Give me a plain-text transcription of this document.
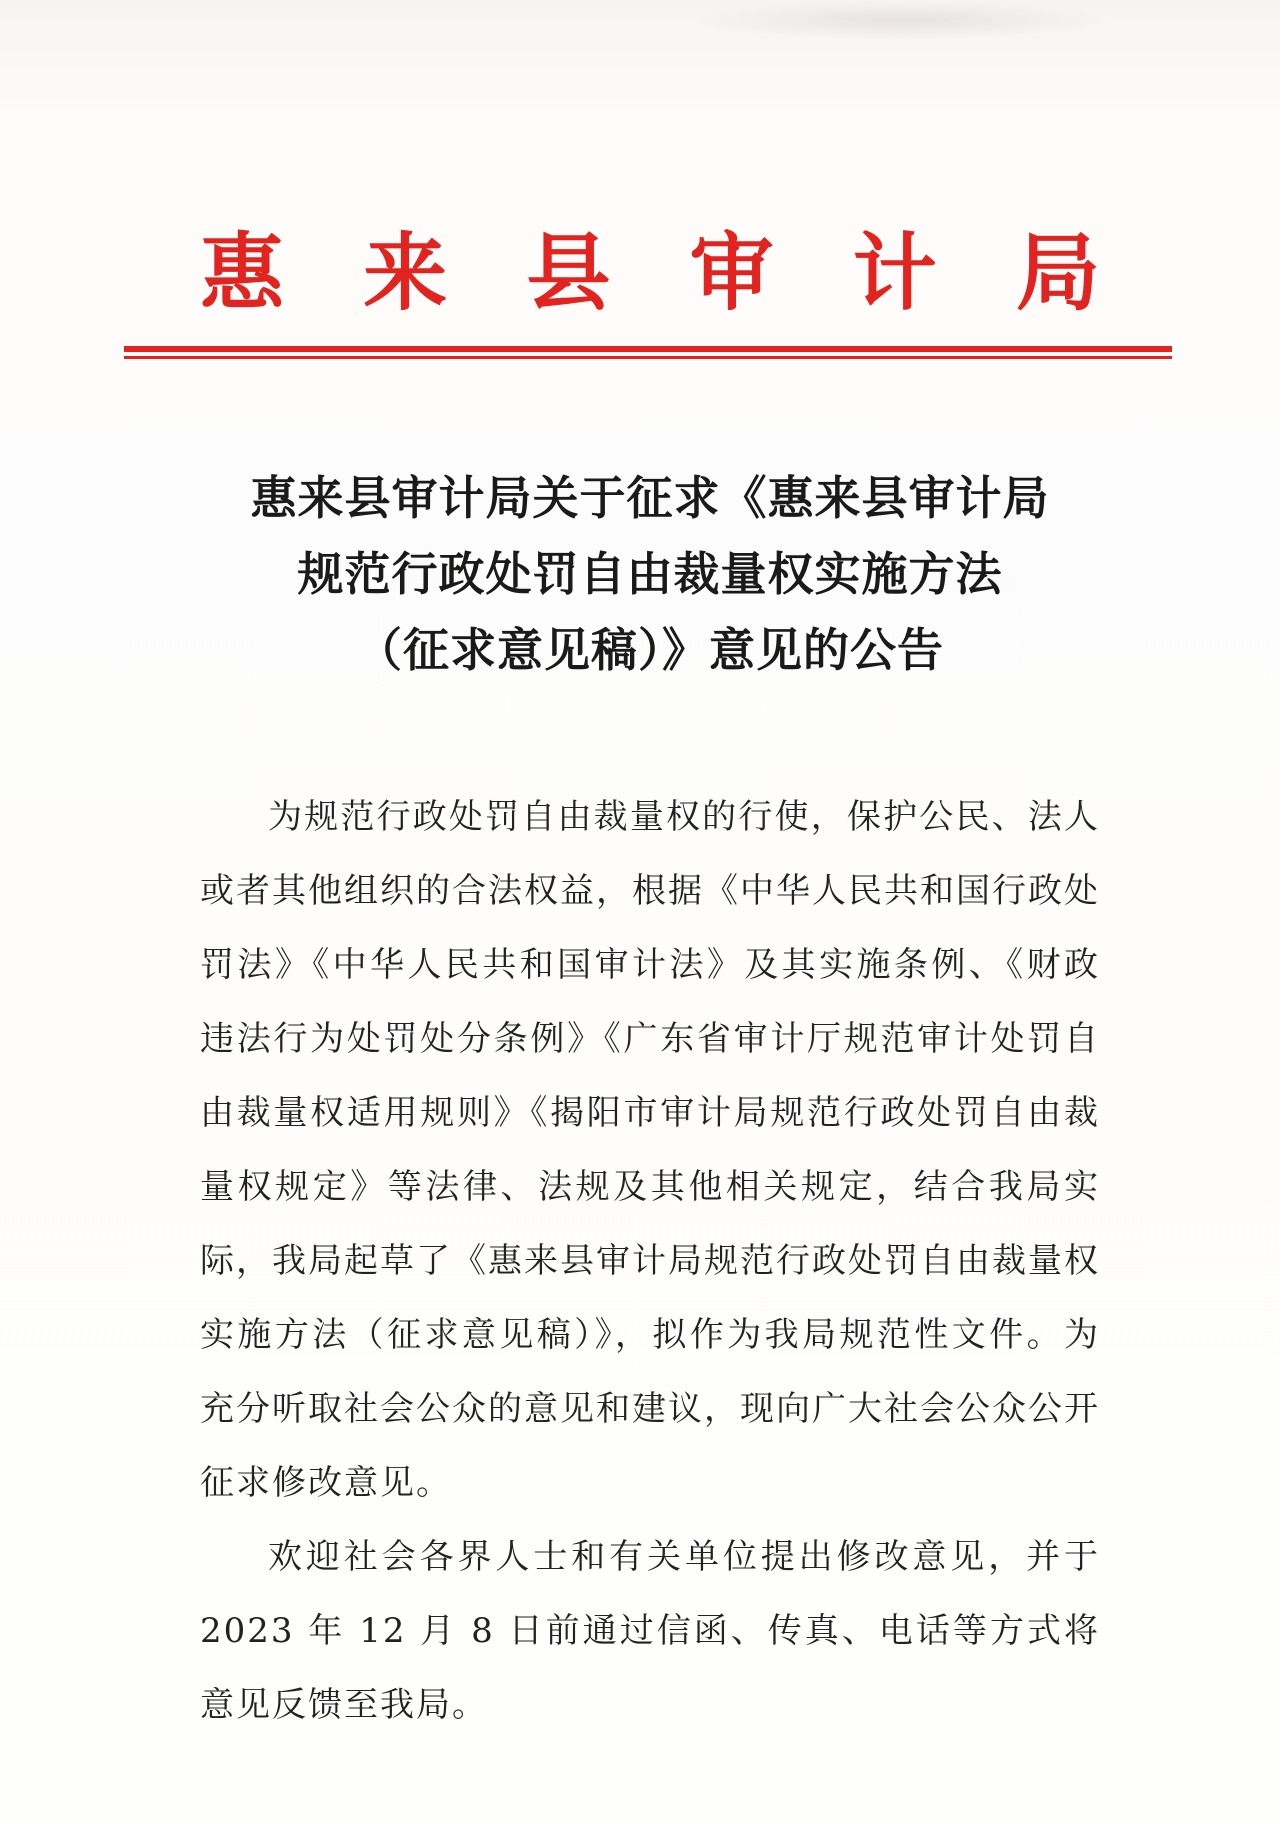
惠 来 县 审 计 局
惠来县审计局关于征求《惠来县审计局
规范行政处罚自由裁量权实施方法
（征求意见稿）》意见的公告

为规范行政处罚自由裁量权的行使，保护公民、法人或者其他组织的合法权益，根据《中华人民共和国行政处罚法》《中华人民共和国审计法》及其实施条例、《财政违法行为处罚处分条例》《广东省审计厅规范审计处罚自由裁量权适用规则》《揭阳市审计局规范行政处罚自由裁量权规定》等法律、法规及其他相关规定，结合我局实际，我局起草了《惠来县审计局规范行政处罚自由裁量权实施方法（征求意见稿）》，拟作为我局规范性文件。为充分听取社会公众的意见和建议，现向广大社会公众公开征求修改意见。

欢迎社会各界人士和有关单位提出修改意见，并于 2023 年 12 月 8 日前通过信函、传真、电话等方式将意见反馈至我局。
